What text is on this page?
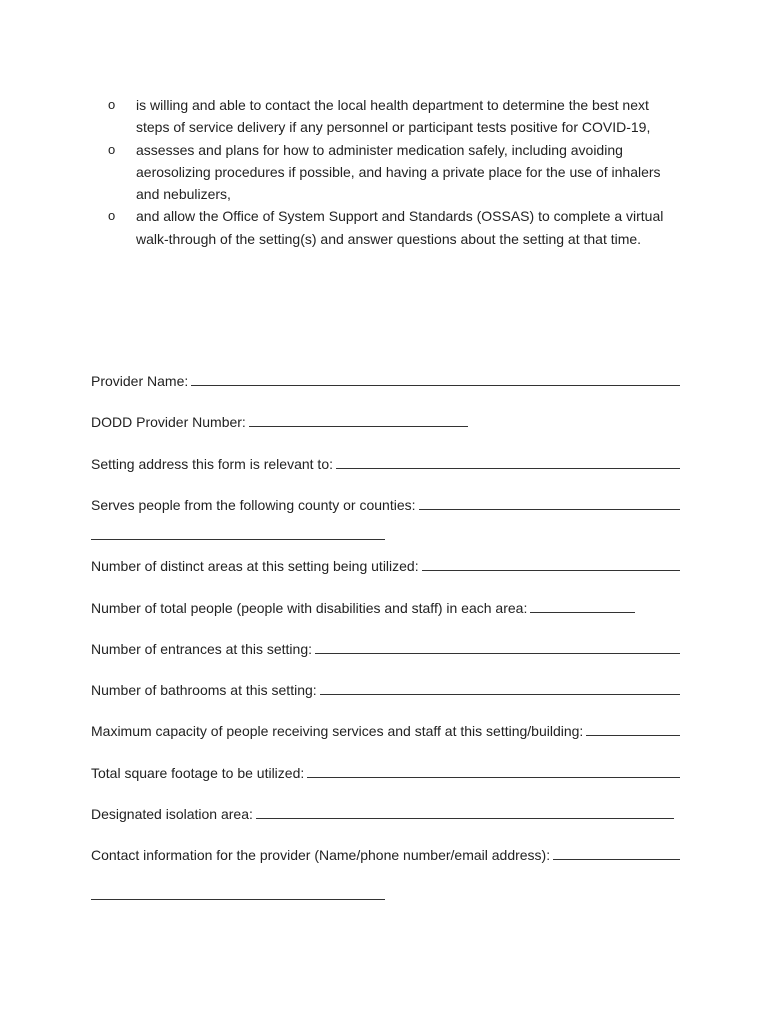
o is willing and able to contact the local health department to determine the best next steps of service delivery if any personnel or participant tests positive for COVID-19,
o assesses and plans for how to administer medication safely, including avoiding aerosolizing procedures if possible, and having a private place for the use of inhalers and nebulizers,
o and allow the Office of System Support and Standards (OSSAS) to complete a virtual walk-through of the setting(s) and answer questions about the setting at that time.
Provider Name:
DODD Provider Number:
Setting address this form is relevant to:
Serves people from the following county or counties:
Number of distinct areas at this setting being utilized:
Number of total people (people with disabilities and staff) in each area:
Number of entrances at this setting:
Number of bathrooms at this setting:
Maximum capacity of people receiving services and staff at this setting/building:
Total square footage to be utilized:
Designated isolation area:
Contact information for the provider (Name/phone number/email address):
